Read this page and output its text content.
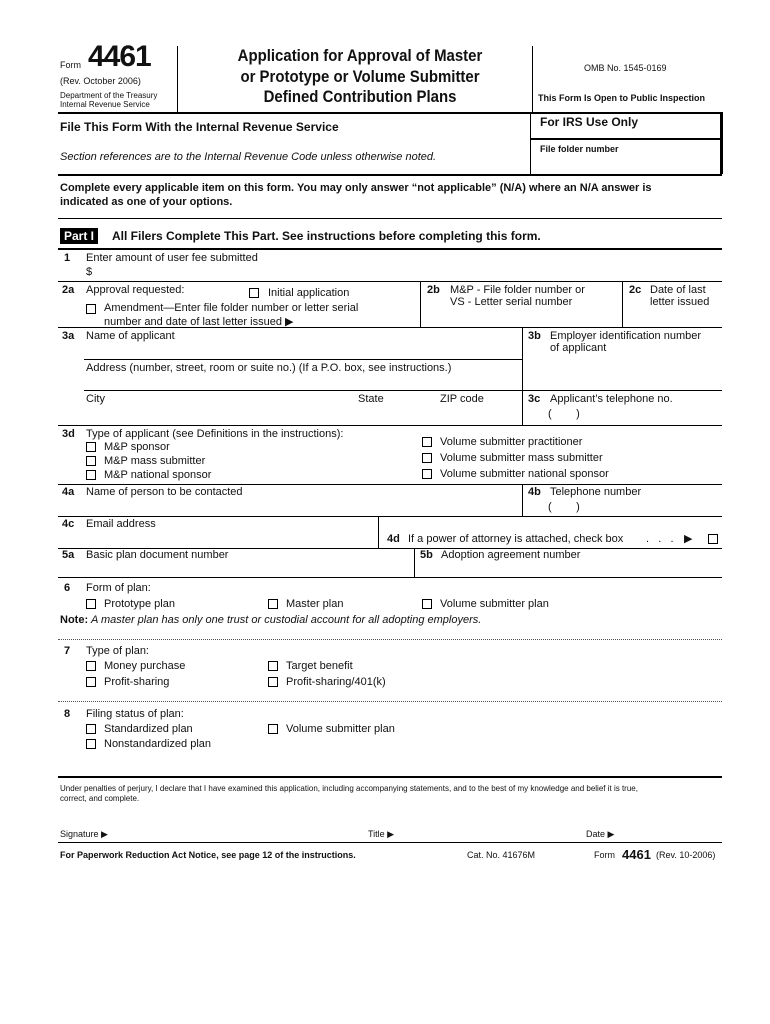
Form 4461
(Rev. October 2006)
Department of the Treasury
Internal Revenue Service
Application for Approval of Master
or Prototype or Volume Submitter
Defined Contribution Plans
OMB No. 1545-0169
This Form Is Open to Public Inspection
File This Form With the Internal Revenue Service
Section references are to the Internal Revenue Code unless otherwise noted.
For IRS Use Only
File folder number
Complete every applicable item on this form. You may only answer “not applicable” (N/A) where an N/A answer is
indicated as one of your options.
Part I	All Filers Complete This Part. See instructions before completing this form.
1 Enter amount of user fee submitted
$
2a Approval requested:	Initial application
Amendment—Enter file folder number or letter serial
number and date of last letter issued ▶
2b M&P - File folder number or
VS - Letter serial number
2c Date of last
letter issued
3a Name of applicant	3b Employer identification number
of applicant
Address (number, street, room or suite no.) (If a P.O. box, see instructions.)
City	State	ZIP code	3c Applicant’s telephone no.
(        )
3d Type of applicant (see Definitions in the instructions):
M&P sponsor
M&P mass submitter
M&P national sponsor
Volume submitter practitioner
Volume submitter mass submitter
Volume submitter national sponsor
4a Name of person to be contacted	4b Telephone number
(        )
4c Email address
4d If a power of attorney is attached, check box .   .   . ▶
5a Basic plan document number	5b Adoption agreement number
6 Form of plan:
Prototype plan	Master plan	Volume submitter plan
Note: A master plan has only one trust or custodial account for all adopting employers.
7 Type of plan:
Money purchase
Profit-sharing
Target benefit
Profit-sharing/401(k)
8 Filing status of plan:
Standardized plan
Nonstandardized plan
Volume submitter plan
Under penalties of perjury, I declare that I have examined this application, including accompanying statements, and to the best of my knowledge and belief it is true,
correct, and complete.
Signature ▶	Title ▶	Date ▶
For Paperwork Reduction Act Notice, see page 12 of the instructions.	Cat. No. 41676M	Form 4461 (Rev. 10-2006)
